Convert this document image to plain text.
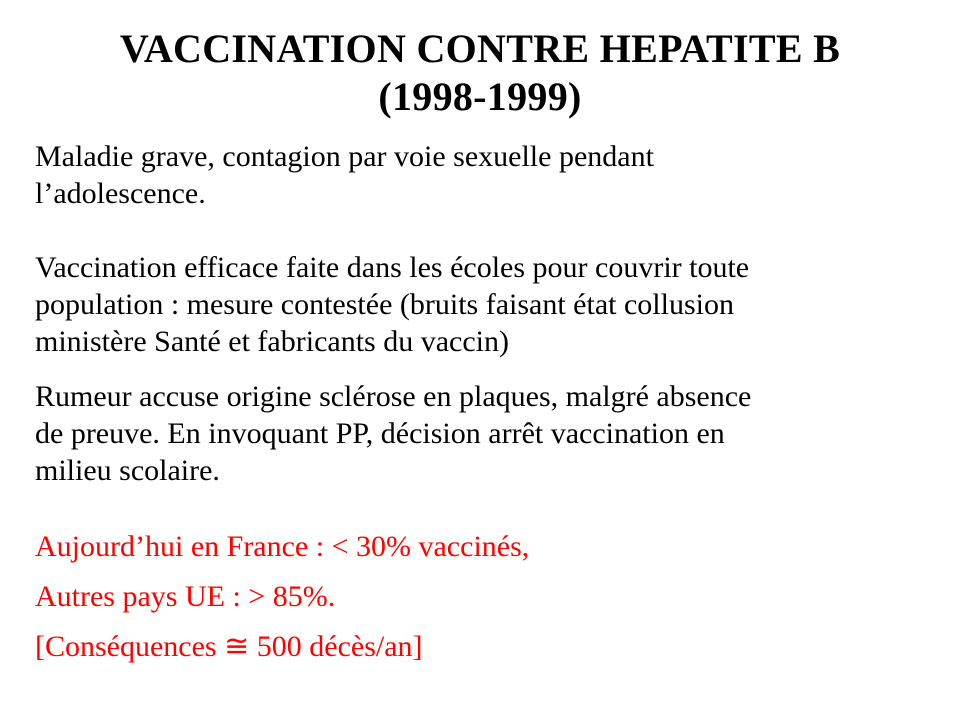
VACCINATION CONTRE HEPATITE B
(1998-1999)
Maladie grave, contagion par voie sexuelle pendant
l’adolescence.
Vaccination efficace faite dans les écoles pour couvrir toute
population : mesure contestée (bruits faisant état collusion
ministère Santé et fabricants du vaccin)
Rumeur accuse origine sclérose en plaques, malgré absence
de preuve. En invoquant PP, décision arrêt vaccination en
milieu scolaire.
Aujourd’hui en France : < 30% vaccinés,
Autres pays UE : > 85%.
[Conséquences ≅ 500 décès/an]
